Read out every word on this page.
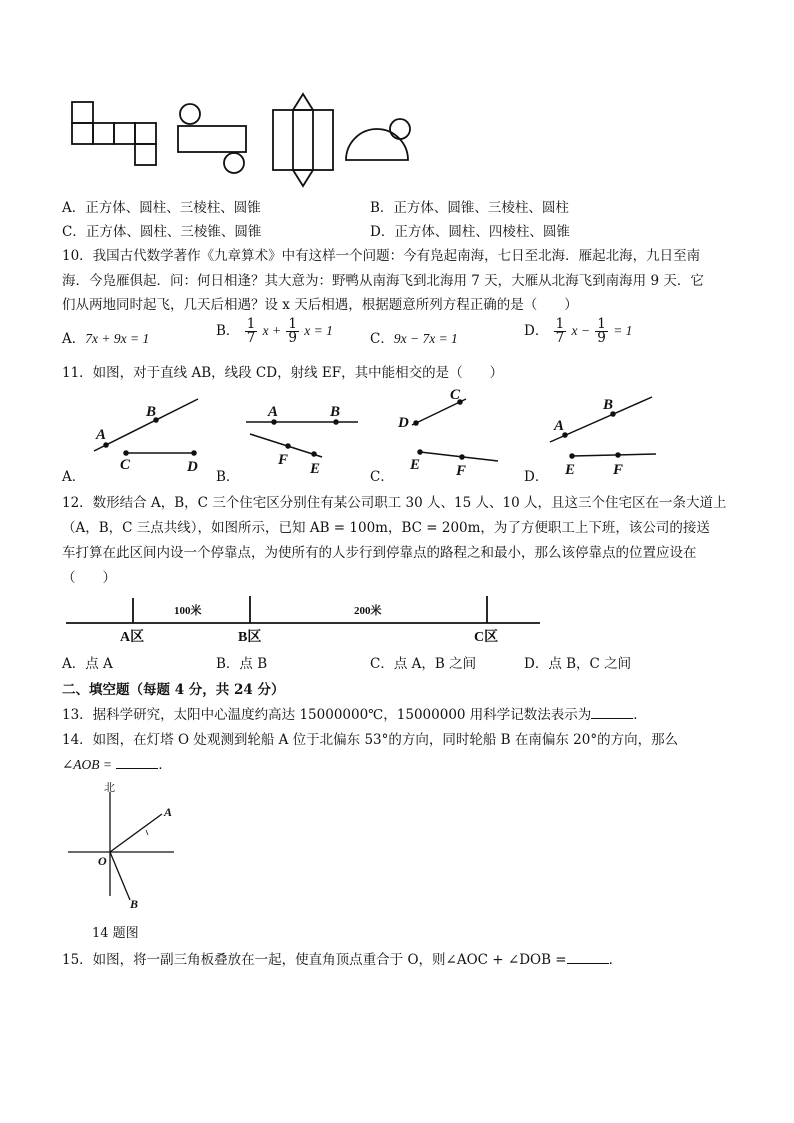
A．正方体、圆柱、三棱柱、圆锥	B．正方体、圆锥、三棱柱、圆柱
C．正方体、圆柱、三棱锥、圆锥	D．正方体、圆柱、四棱柱、圆锥
10．我国古代数学著作《九章算术》中有这样一个问题：今有凫起南海，七日至北海．雁起北海，九日至南
海．今凫雁俱起．问：何日相逢？其大意为：野鸭从南海飞到北海用 7 天，大雁从北海飞到南海用 9 天．它
们从两地同时起飞，几天后相遇？设 x 天后相遇，根据题意所列方程正确的是（　　）
A．7x + 9x = 1	B． $\frac{1}{7}$ $x + \frac{1}{9}$ x = 1
C．9x − 7x = 1	D． $\frac{1}{7}$ $x - \frac{1}{9} = 1$
11．如图，对于直线 AB，线段 CD，射线 EF，其中能相交的是（　　）
A
B
C	D
A	B
F
E
D
C
E F
A
B
E	F
A．	B．	C．	D．
12．数形结合 A，B，C 三个住宅区分别住有某公司职工 30 人、15 人、10 人，且这三个住宅区在一条大道上
（A，B，C 三点共线），如图所示，已知 AB = 100m，BC = 200m，为了方便职工上下班，该公司的接送
车打算在此区间内设一个停靠点，为使所有的人步行到停靠点的路程之和最小，那么该停靠点的位置应设在
（　　）
100米	200米
A区	B区	C区
A．点 A	B．点 B	C．点 A，B 之间	D．点 B，C 之间
二、填空题（每题 4 分，共 24 分）
13．据科学研究，太阳中心温度约高达 15000000℃，15000000 用科学记数法表示为	．
14．如图，在灯塔 O 处观测到轮船 A 位于北偏东 53°的方向，同时轮船 B 在南偏东 20°的方向，那么
∠AOB =	．
北
A
O
B
14 题图
15．如图，将一副三角板叠放在一起，使直角顶点重合于 O，则∠AOC + ∠DOB =	．
